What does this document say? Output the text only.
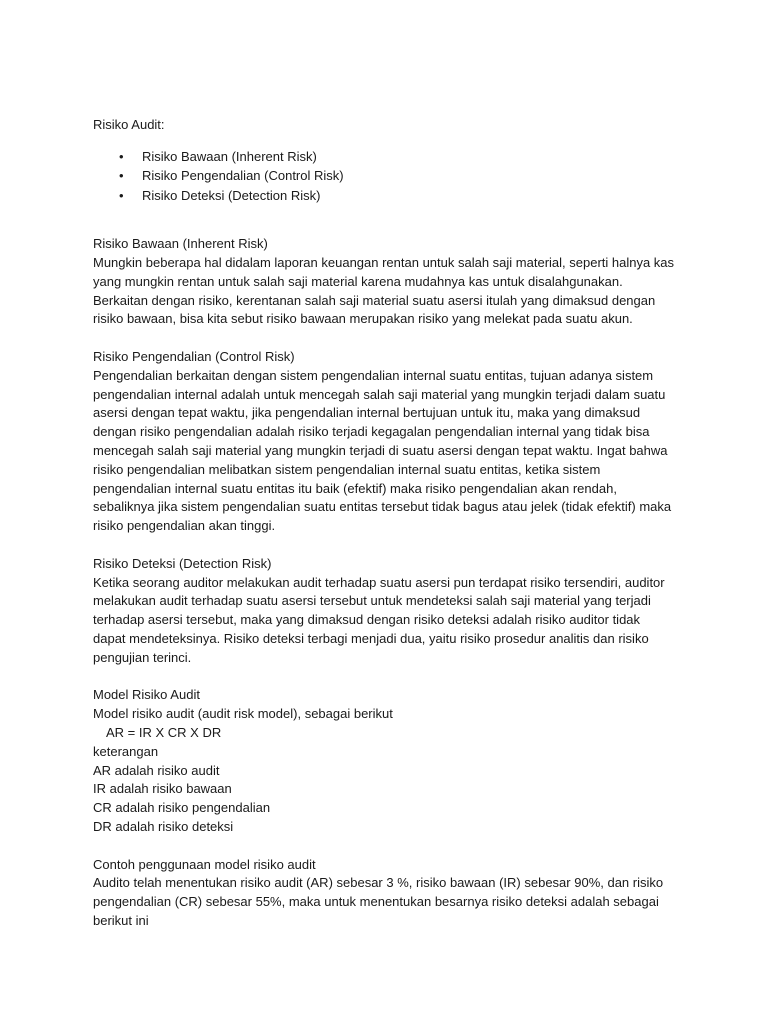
Risiko Audit:

• Risiko Bawaan (Inherent Risk)
• Risiko Pengendalian (Control Risk)
• Risiko Deteksi (Detection Risk)

Risiko Bawaan (Inherent Risk)

Mungkin beberapa hal didalam laporan keuangan rentan untuk salah saji material, seperti halnya kas

yang mungkin rentan untuk salah saji material karena mudahnya kas untuk disalahgunakan.

Berkaitan dengan risiko, kerentanan salah saji material suatu asersi itulah yang dimaksud dengan

risiko bawaan, bisa kita sebut risiko bawaan merupakan risiko yang melekat pada suatu akun.

Risiko Pengendalian (Control Risk)

Pengendalian berkaitan dengan sistem pengendalian internal suatu entitas, tujuan adanya sistem

pengendalian internal adalah untuk mencegah salah saji material yang mungkin terjadi dalam suatu

asersi dengan tepat waktu, jika pengendalian internal bertujuan untuk itu, maka yang dimaksud

dengan risiko pengendalian adalah risiko terjadi kegagalan pengendalian internal yang tidak bisa

mencegah salah saji material yang mungkin terjadi di suatu asersi dengan tepat waktu. Ingat bahwa

risiko pengendalian melibatkan sistem pengendalian internal suatu entitas, ketika sistem

pengendalian internal suatu entitas itu baik (efektif) maka risiko pengendalian akan rendah,

sebaliknya jika sistem pengendalian suatu entitas tersebut tidak bagus atau jelek (tidak efektif) maka

risiko pengendalian akan tinggi.

Risiko Deteksi (Detection Risk)

Ketika seorang auditor melakukan audit terhadap suatu asersi pun terdapat risiko tersendiri, auditor

melakukan audit terhadap suatu asersi tersebut untuk mendeteksi salah saji material yang terjadi

terhadap asersi tersebut, maka yang dimaksud dengan risiko deteksi adalah risiko auditor tidak

dapat mendeteksinya. Risiko deteksi terbagi menjadi dua, yaitu risiko prosedur analitis dan risiko

pengujian terinci.

Model Risiko Audit

Model risiko audit (audit risk model), sebagai berikut

AR = IR X CR X DR

keterangan

AR adalah risiko audit

IR adalah risiko bawaan

CR adalah risiko pengendalian

DR adalah risiko deteksi

Contoh penggunaan model risiko audit

Audito telah menentukan risiko audit (AR) sebesar 3 %, risiko bawaan (IR) sebesar 90%, dan risiko

pengendalian (CR) sebesar 55%, maka untuk menentukan besarnya risiko deteksi adalah sebagai

berikut ini
